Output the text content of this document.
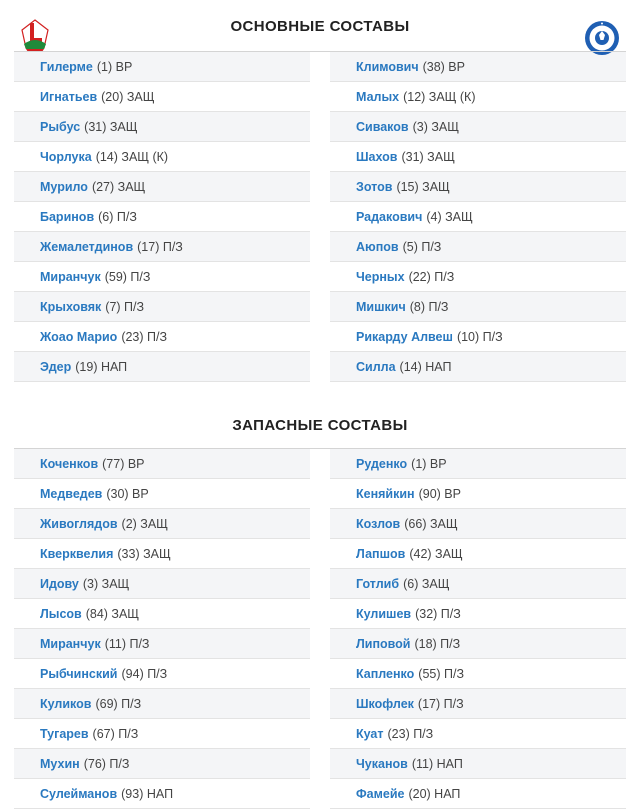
ОСНОВНЫЕ СОСТАВЫ
Гилерме (1) ВР
Игнатьев (20) ЗАЩ
Рыбус (31) ЗАЩ
Чорлука (14) ЗАЩ (К)
Мурило (27) ЗАЩ
Баринов (6) П/З
Жемалетдинов (17) П/З
Миранчук (59) П/З
Крыховяк (7) П/З
Жоао Марио (23) П/З
Эдер (19) НАП
Климович (38) ВР
Малых (12) ЗАЩ (К)
Сиваков (3) ЗАЩ
Шахов (31) ЗАЩ
Зотов (15) ЗАЩ
Радакович (4) ЗАЩ
Аюпов (5) П/З
Черных (22) П/З
Мишкич (8) П/З
Рикарду Алвеш (10) П/З
Силла (14) НАП
ЗАПАСНЫЕ СОСТАВЫ
Коченков (77) ВР
Медведев (30) ВР
Живоглядов (2) ЗАЩ
Кверквелия (33) ЗАЩ
Идову (3) ЗАЩ
Лысов (84) ЗАЩ
Миранчук (11) П/З
Рыбчинский (94) П/З
Куликов (69) П/З
Тугарев (67) П/З
Мухин (76) П/З
Сулейманов (93) НАП
Руденко (1) ВР
Кеняйкин (90) ВР
Козлов (66) ЗАЩ
Лапшов (42) ЗАЩ
Готлиб (6) ЗАЩ
Кулишев (32) П/З
Липовой (18) П/З
Капленко (55) П/З
Шкофлек (17) П/З
Куат (23) П/З
Чуканов (11) НАП
Фамейе (20) НАП
